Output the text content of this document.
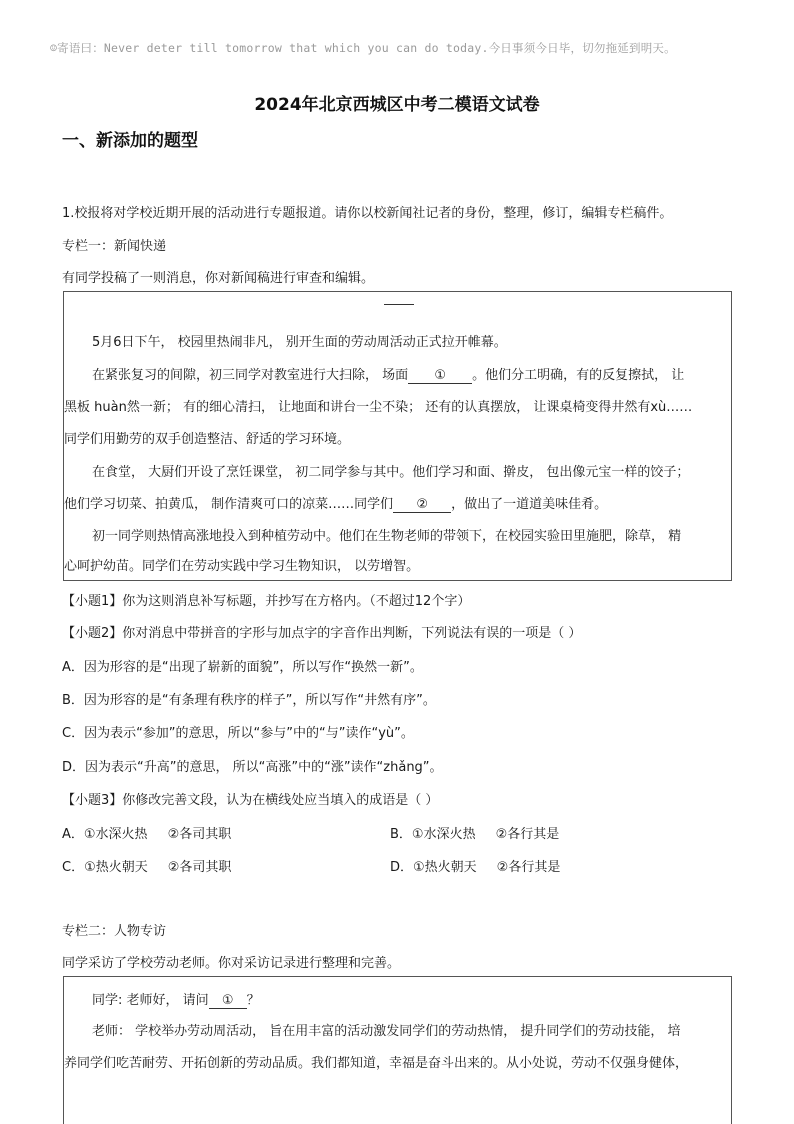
☺寄语曰：Never deter till tomorrow that which you can do today.今日事须今日毕，切勿拖延到明天。
2024年北京西城区中考二模语文试卷
一、新添加的题型
1.校报将对学校近期开展的活动进行专题报道。请你以校新闻社记者的身份，整理，修订，编辑专栏稿件。
专栏一：新闻快递
有同学投稿了一则消息，你对新闻稿进行审查和编辑。
5月6日下午， 校园里热闹非凡， 别开生面的劳动周活动正式拉开帷幕。
在紧张复习的间隙，初三同学对教室进行大扫除， 场面 ① 。他们分工明确，有的反复擦拭， 让
黑板 huàn然一新； 有的细心清扫， 让地面和讲台一尘不染； 还有的认真摆放， 让课桌椅变得井然有xù……
同学们用勤劳的双手创造整洁、舒适的学习环境。
在食堂， 大厨们开设了烹饪课堂， 初二同学参与其中。他们学习和面、擀皮， 包出像元宝一样的饺子；
他们学习切菜、拍黄瓜， 制作清爽可口的凉菜……同学们 ② ，做出了一道道美味佳肴。
初一同学则热情高涨地投入到种植劳动中。他们在生物老师的带领下，在校园实验田里施肥，除草， 精
心呵护幼苗。同学们在劳动实践中学习生物知识， 以劳增智。
【小题1】你为这则消息补写标题，并抄写在方格内。（不超过12个字）
【小题2】你对消息中带拼音的字形与加点字的字音作出判断，下列说法有误的一项是（ ）
A．因为形容的是“出现了崭新的面貌”，所以写作“换然一新”。
B．因为形容的是“有条理有秩序的样子”，所以写作“井然有序”。
C．因为表示“参加”的意思，所以“参与”中的“与”读作“yù”。
D．因为表示“升高”的意思， 所以“高涨”中的“涨”读作“zhǎng”。
【小题3】你修改完善文段，认为在横线处应当填入的成语是（ ）
A．①水深火热 ②各司其职	B．①水深火热 ②各行其是
C．①热火朝天 ②各司其职	D．①热火朝天 ②各行其是
专栏二：人物专访
同学采访了学校劳动老师。你对采访记录进行整理和完善。
同学: 老师好， 请问 ① ？
老师： 学校举办劳动周活动， 旨在用丰富的活动激发同学们的劳动热情， 提升同学们的劳动技能， 培
养同学们吃苦耐劳、开拓创新的劳动品质。我们都知道，幸福是奋斗出来的。从小处说，劳动不仅强身健体，
